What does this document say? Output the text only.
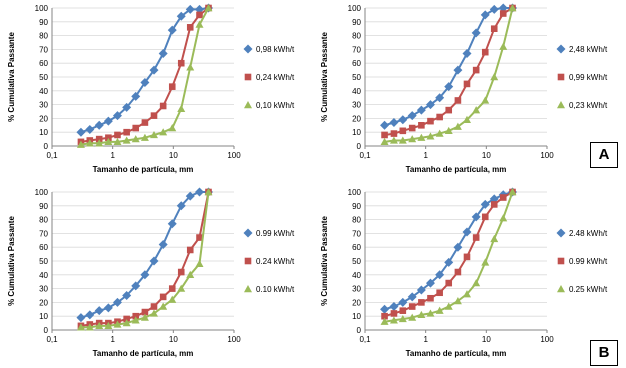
0
10
20
30
40
50
60
70
80
90
100
0,1	1	10	100
Tamanho de partícula, mm
% Cumulativa Passante	0,98 kWh/t
0,24 kWh/t
0,10 kWh/t
0
10
20
30
40
50
60
70
80
90
100
0,1	1	10	100
Tamanho de partícula, mm
% Cumulativa Passante	2,48 kWh/t
0,99 kWh/t
0,23 kWh/t
0
10
20
30
40
50
60
70
80
90
100
0,1	1	10	100
Tamanho de partícula, mm
% Cumulativa Passante	0.99 kWh/t
0.24 kWh/t
0.10 kWh/t
0
10
20
30
40
50
60
70
80
90
100
0,1	1	10	100
Tamanho de partícula, mm
% Cumulativa Passante	2.48 kWh/t
0.99 kWh/t
0.25 kWh/t
A
B
